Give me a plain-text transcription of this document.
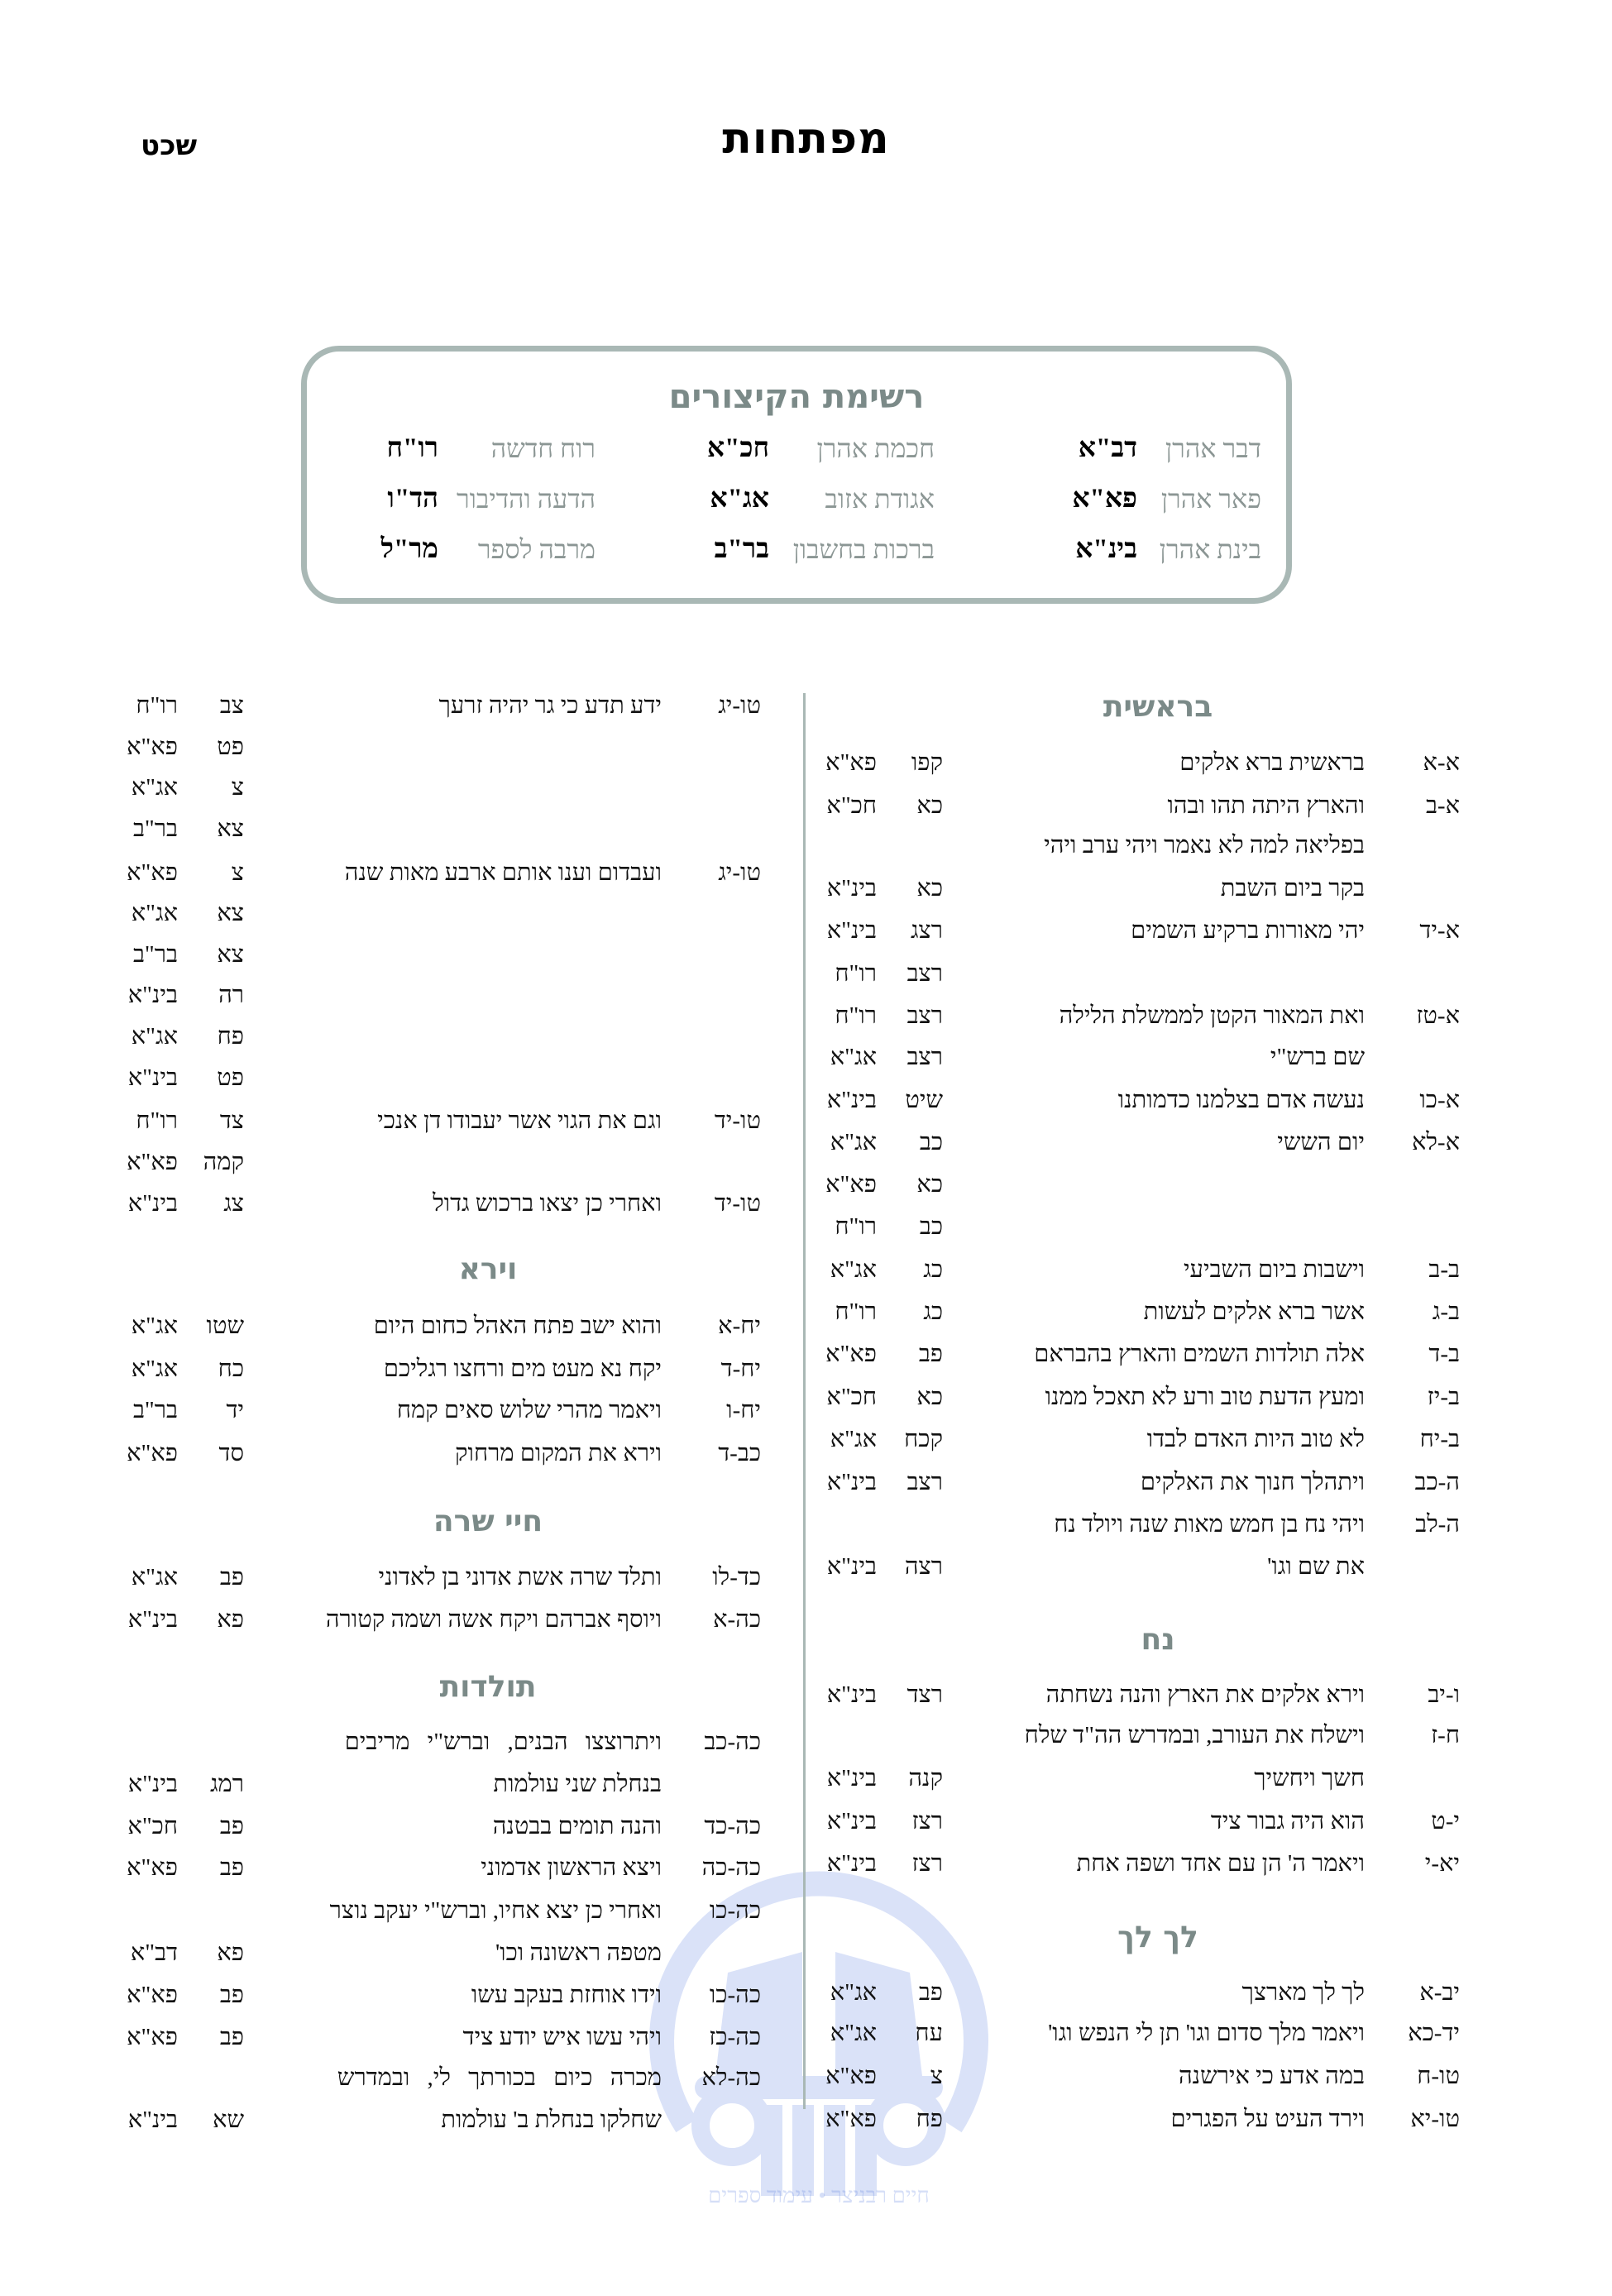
מפתחות
שכט
רשימת הקיצורים
דבר אהרן
דב"א
חכמת אהרן
חכ"א
רוח חדשה
רו"ח
פאר אהרן
פא"א
אגודת אזוב
אג"א
הדעה והדיבור
הד"ו
בינת אהרן
בינ"א
ברכות בחשבון
בר"ב
מרבה לספר
מר"ל
חיים רבניצר • עימוד ספרים
בראשית
א-א
בראשית ברא אלקים
קפו
פא"א
א-ב
והארץ היתה תהו ובהו
כא
חכ"א
בפליאה למה לא נאמר ויהי ערב ויהי
בקר ביום השבת
כא
בינ"א
א-יד
יהי מאורות ברקיע השמים
רצג
בינ"א
רצב
רו"ח
א-טז
ואת המאור הקטן לממשלת הלילה
רצב
רו"ח
שם ברש"י
רצב
אג"א
א-כו
נעשה אדם בצלמנו כדמותנו
שיט
בינ"א
א-לא
יום הששי
כב
אג"א
כא
פא"א
כב
רו"ח
ב-ב
וישבות ביום השביעי
כג
אג"א
ב-ג
אשר ברא אלקים לעשות
כג
רו"ח
ב-ד
אלה תולדות השמים והארץ בהבראם
פב
פא"א
ב-יז
ומעץ הדעת טוב ורע לא תאכל ממנו
כא
חכ"א
ב-יח
לא טוב היות האדם לבדו
קכח
אג"א
ה-כב
ויתהלך חנוך את האלקים
רצב
בינ"א
ה-לב
ויהי נח בן חמש מאות שנה ויולד נח
את שם וגו'
רצה
בינ"א
נח
ו-יב
וירא אלקים את הארץ והנה נשחתה
רצד
בינ"א
ח-ז
וישלח את העורב, ובמדרש הה"ד שלח
חשך ויחשיך
קנה
בינ"א
י-ט
הוא היה גבור ציד
רצז
בינ"א
יא-י
ויאמר ה' הן עם אחד ושפה אחת
רצז
בינ"א
לך לך
יב-א
לך לך מארצך
פב
אג"א
יד-כא
ויאמר מלך סדום וגו' תן לי הנפש וגו'
עח
אג"א
טו-ח
במה אדע כי אירשנה
צ
פא"א
טו-יא
וירד העיט על הפגרים
פח
פא"א
טו-יג
ידע תדע כי גר יהיה זרעך
צב
רו"ח
פט
פא"א
צ
אג"א
צא
בר"ב
טו-יג
ועבדום וענו אותם ארבע מאות שנה
צ
פא"א
צא
אג"א
צא
בר"ב
רה
בינ"א
פח
אג"א
פט
בינ"א
טו-יד
וגם את הגוי אשר יעבודו דן אנכי
צד
רו"ח
קמה
פא"א
טו-יד
ואחרי כן יצאו ברכוש גדול
צג
בינ"א
וירא
יח-א
והוא ישב פתח האהל כחום היום
שטו
אג"א
יח-ד
יקח נא מעט מים ורחצו רגליכם
כח
אג"א
יח-ו
ויאמר מהרי שלוש סאים קמח
יד
בר"ב
כב-ד
וירא את המקום מרחוק
סד
פא"א
חיי שרה
כד-לו
ותלד שרה אשת אדוני בן לאדוני
פב
אג"א
כה-א
ויוסף אברהם ויקח אשה ושמה קטורה
פא
בינ"א
תולדות
כה-כב
ויתרוצצו הבנים, וברש"י מריבים
בנחלת שני עולמות
רמג
בינ"א
כה-כד
והנה תומים בבטנה
פב
חכ"א
כה-כה
ויצא הראשון אדמוני
פב
פא"א
כה-כו
ואחרי כן יצא אחיו, וברש"י יעקב נוצר
מטפה ראשונה וכו'
פא
דב"א
כה-כו
וידו אוחזת בעקב עשו
פב
פא"א
כה-כז
ויהי עשו איש יודע ציד
פב
פא"א
כה-לא
מכרה כיום בכורתך לי, ובמדרש
שחלקו בנחלת ב' עולמות
שא
בינ"א
